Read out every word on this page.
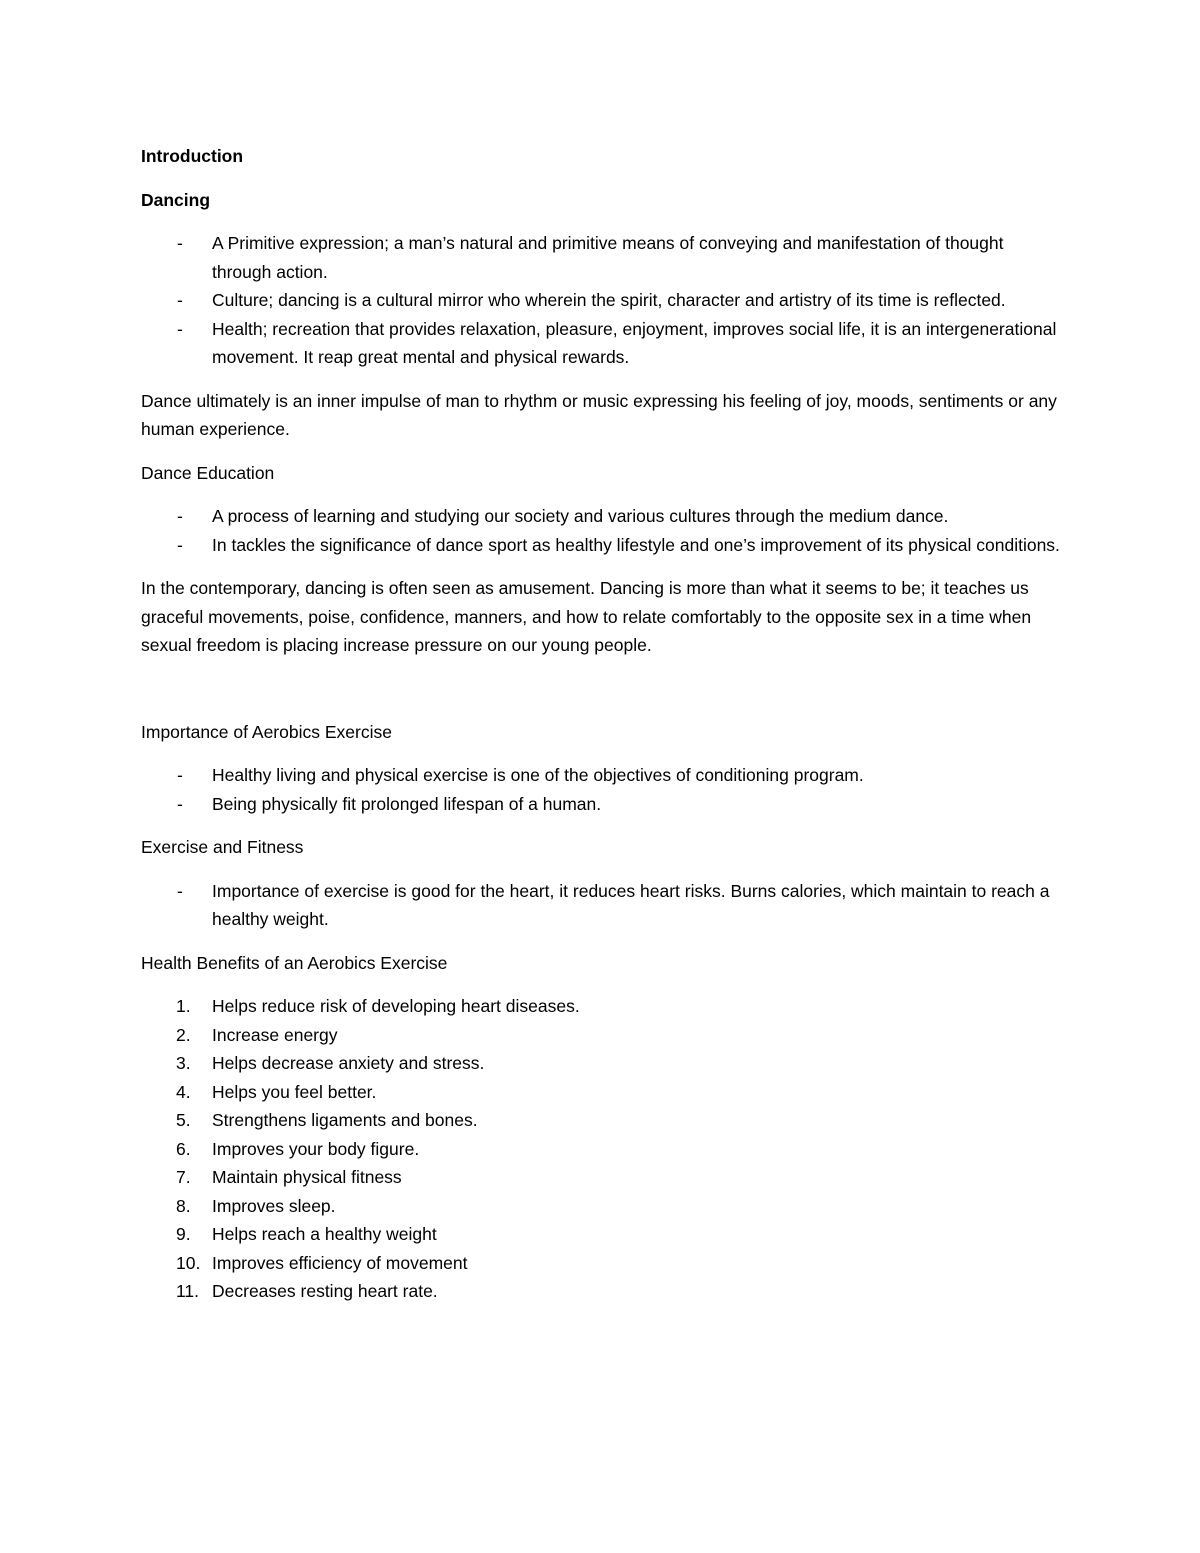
Introduction
Dancing
- A Primitive expression; a man’s natural and primitive means of conveying and manifestation of thought through action.
- Culture; dancing is a cultural mirror who wherein the spirit, character and artistry of its time is reflected.
- Health; recreation that provides relaxation, pleasure, enjoyment, improves social life, it is an intergenerational movement. It reap great mental and physical rewards.

Dance ultimately is an inner impulse of man to rhythm or music expressing his feeling of joy, moods, sentiments or any human experience.

Dance Education
- A process of learning and studying our society and various cultures through the medium dance.
- In tackles the significance of dance sport as healthy lifestyle and one’s improvement of its physical conditions.

In the contemporary, dancing is often seen as amusement. Dancing is more than what it seems to be; it teaches us graceful movements, poise, confidence, manners, and how to relate comfortably to the opposite sex in a time when sexual freedom is placing increase pressure on our young people.

Importance of Aerobics Exercise
- Healthy living and physical exercise is one of the objectives of conditioning program.
- Being physically fit prolonged lifespan of a human.
Exercise and Fitness
- Importance of exercise is good for the heart, it reduces heart risks. Burns calories, which maintain to reach a healthy weight.
Health Benefits of an Aerobics Exercise
1.	Helps reduce risk of developing heart diseases.
2.	Increase energy
3.	Helps decrease anxiety and stress.
4.	Helps you feel better.
5.	Strengthens ligaments and bones.
6.	Improves your body figure.
7.	Maintain physical fitness
8.	Improves sleep.
9.	Helps reach a healthy weight
10. Improves efficiency of movement
11. Decreases resting heart rate.
